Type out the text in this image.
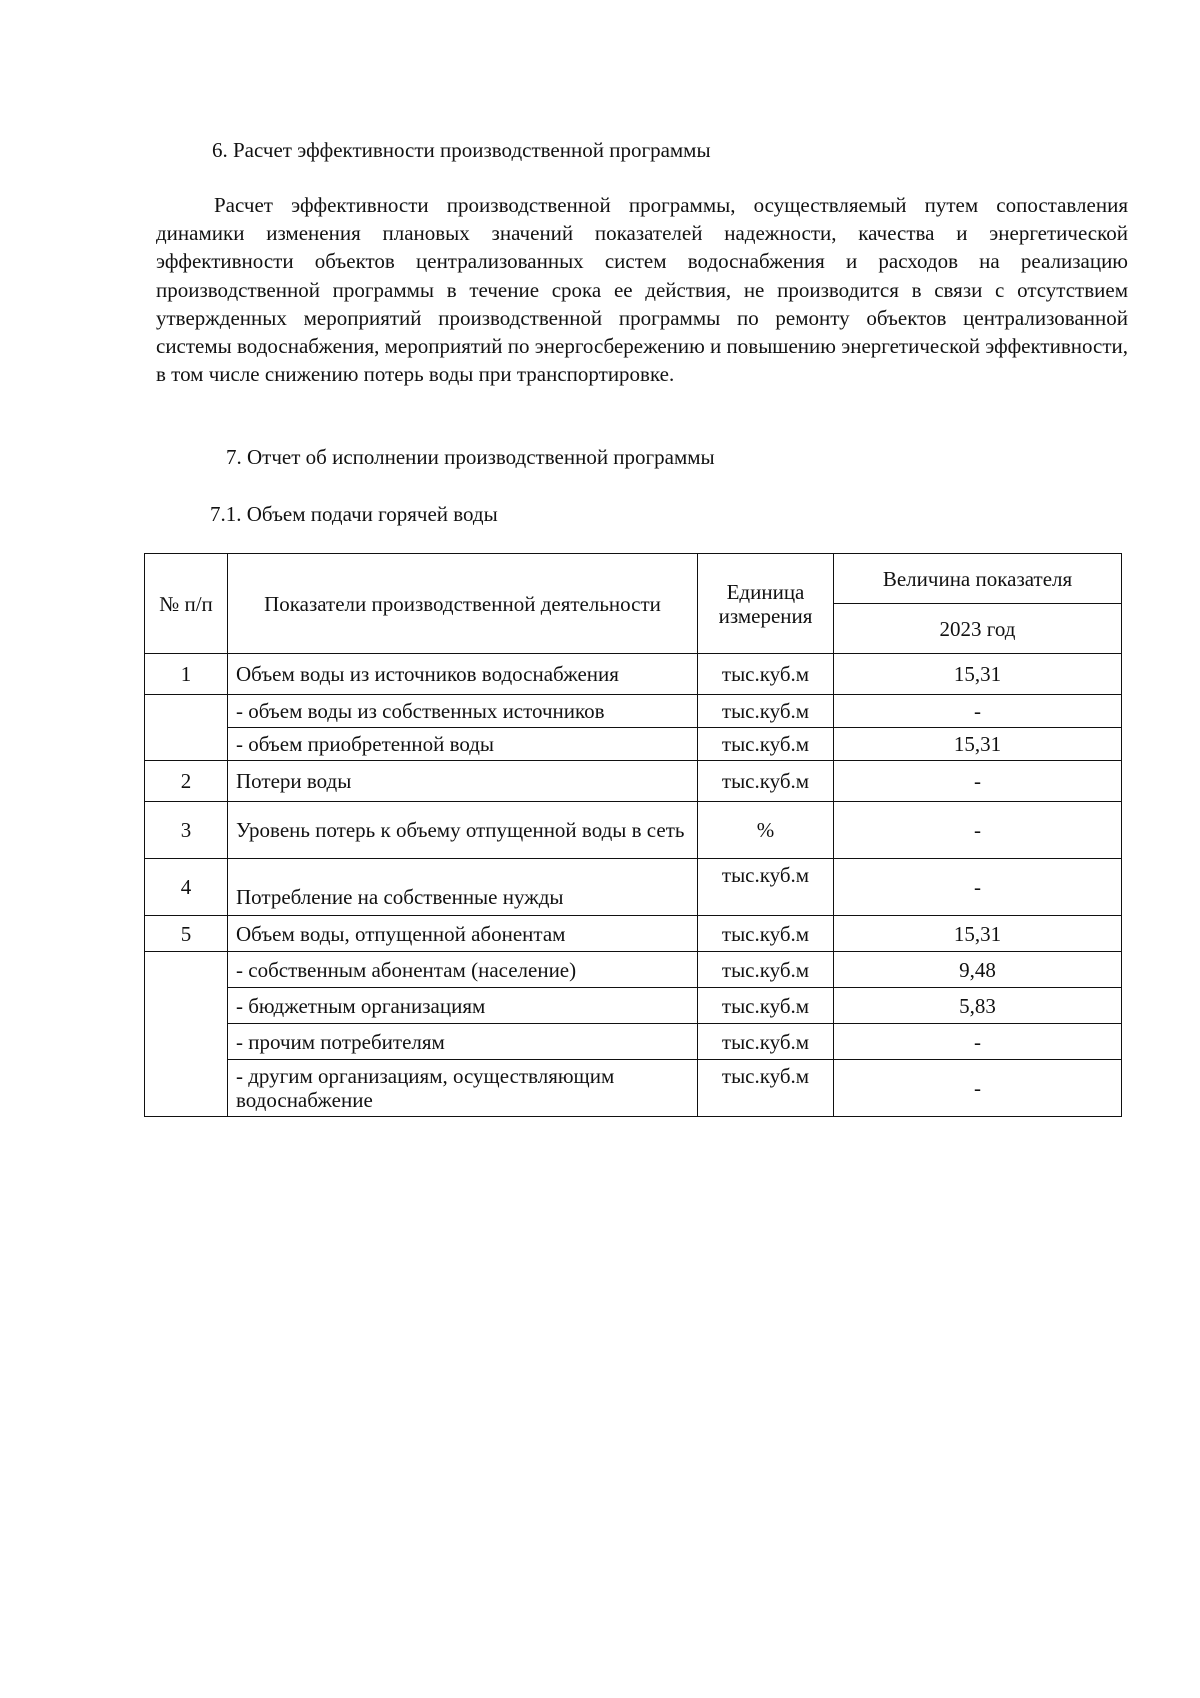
6. Расчет эффективности производственной программы

Расчет эффективности производственной программы, осуществляемый путем сопоставления динамики изменения плановых значений показателей надежности, качества и энергетической эффективности объектов централизованных систем водоснабжения и расходов на реализацию производственной программы в течение срока ее действия, не производится в связи с отсутствием утвержденных мероприятий производственной программы по ремонту объектов централизованной системы водоснабжения, мероприятий по энергосбережению и повышению энергетической эффективности, в том числе снижению потерь воды при транспортировке.

7. Отчет об исполнении производственной программы
7.1. Объем подачи горячей воды
№ п/п	Показатели производственной деятельности	Единица измерения	Величина показателя
			2023 год
1	Объем воды из источников водоснабжения	тыс.куб.м	15,31
	- объем воды из собственных источников	тыс.куб.м	-
	- объем приобретенной воды	тыс.куб.м	15,31
2	Потери воды	тыс.куб.м	-
3	Уровень потерь к объему отпущенной воды в сеть	%	-
4	Потребление на собственные нужды	тыс.куб.м	-
5	Объем воды, отпущенной абонентам	тыс.куб.м	15,31
	- собственным абонентам (население)	тыс.куб.м	9,48
	- бюджетным организациям	тыс.куб.м	5,83
	- прочим потребителям	тыс.куб.м	-
	- другим организациям, осуществляющим водоснабжение	тыс.куб.м	-
